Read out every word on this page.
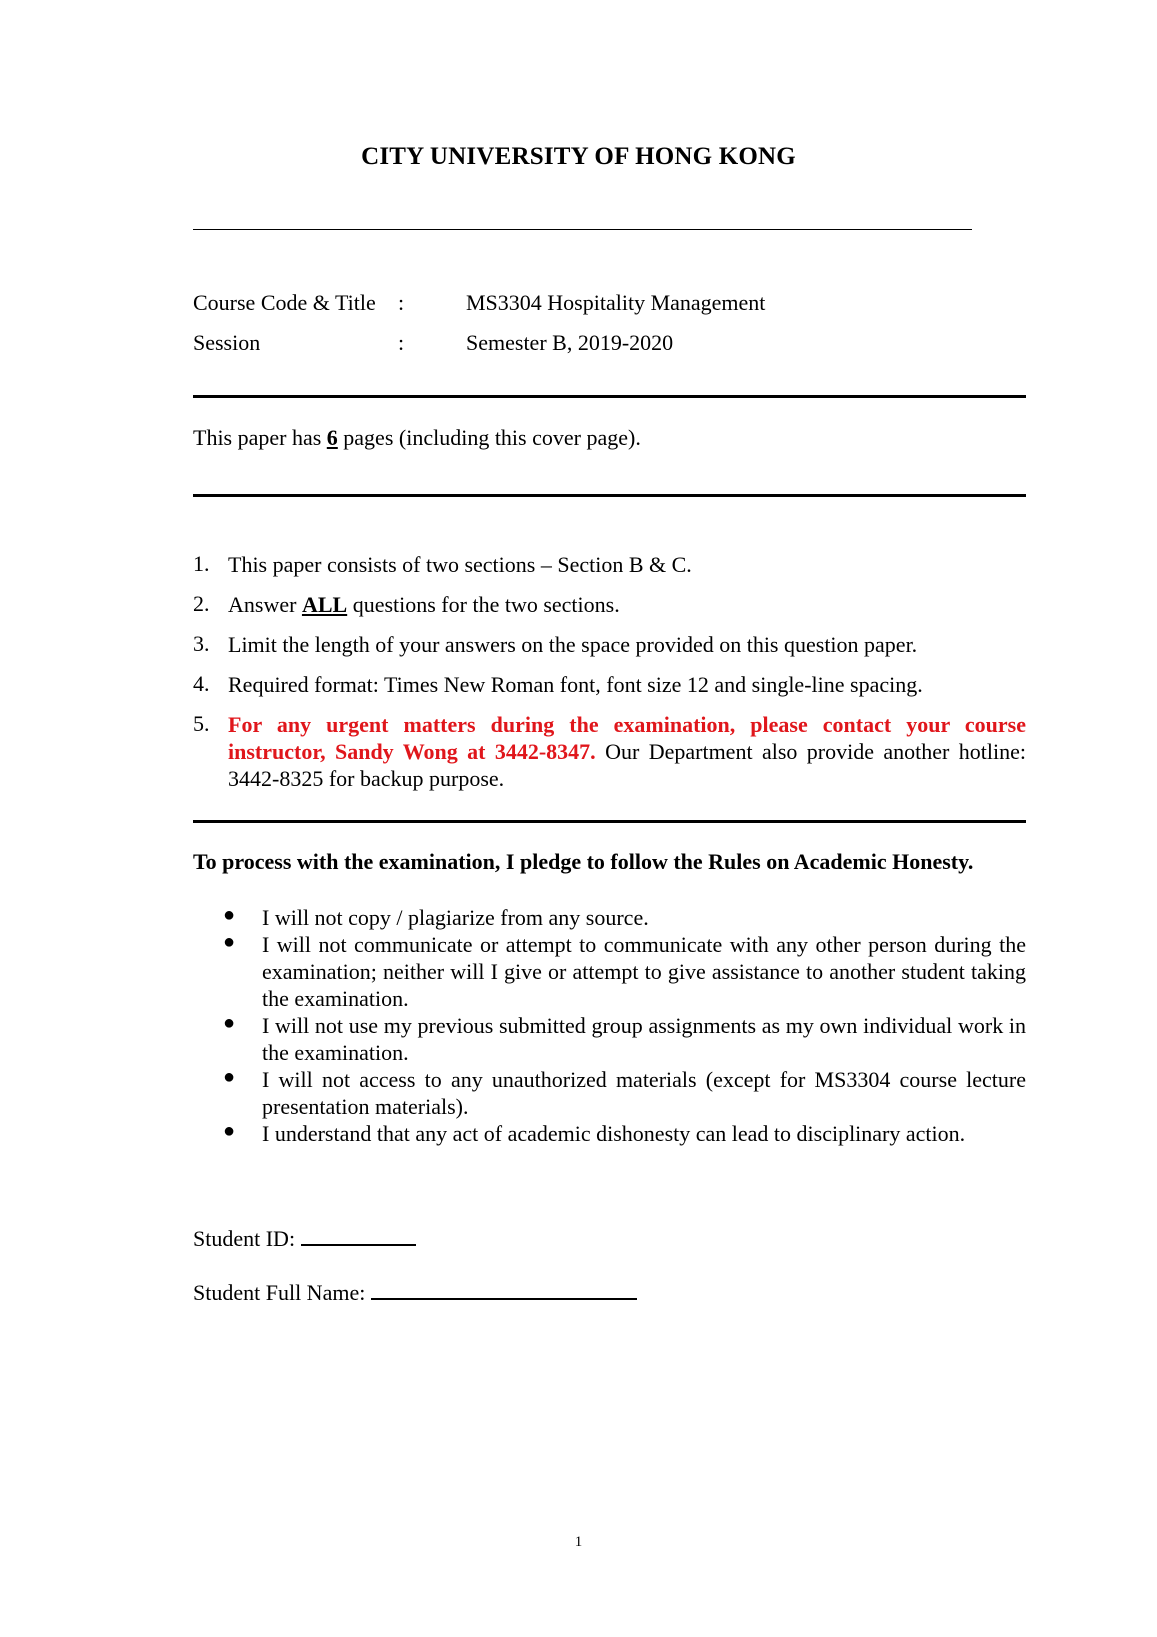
CITY UNIVERSITY OF HONG KONG
Course Code & Title :	MS3304 Hospitality Management
Session	:	Semester B, 2019-2020
This paper has 6 pages (including this cover page).
1. This paper consists of two sections – Section B & C.
2. Answer ALL questions for the two sections.
3. Limit the length of your answers on the space provided on this question paper.
4. Required format: Times New Roman font, font size 12 and single-line spacing.
5. For any urgent matters during the examination, please contact your course instructor, Sandy Wong at 3442-8347. Our Department also provide another hotline: 3442-8325 for backup purpose.
To process with the examination, I pledge to follow the Rules on Academic Honesty.
● I will not copy / plagiarize from any source.
● I will not communicate or attempt to communicate with any other person during the examination; neither will I give or attempt to give assistance to another student taking the examination.
● I will not use my previous submitted group assignments as my own individual work in the examination.
● I will not access to any unauthorized materials (except for MS3304 course lecture presentation materials).
● I understand that any act of academic dishonesty can lead to disciplinary action.
Student ID:
Student Full Name:
1
